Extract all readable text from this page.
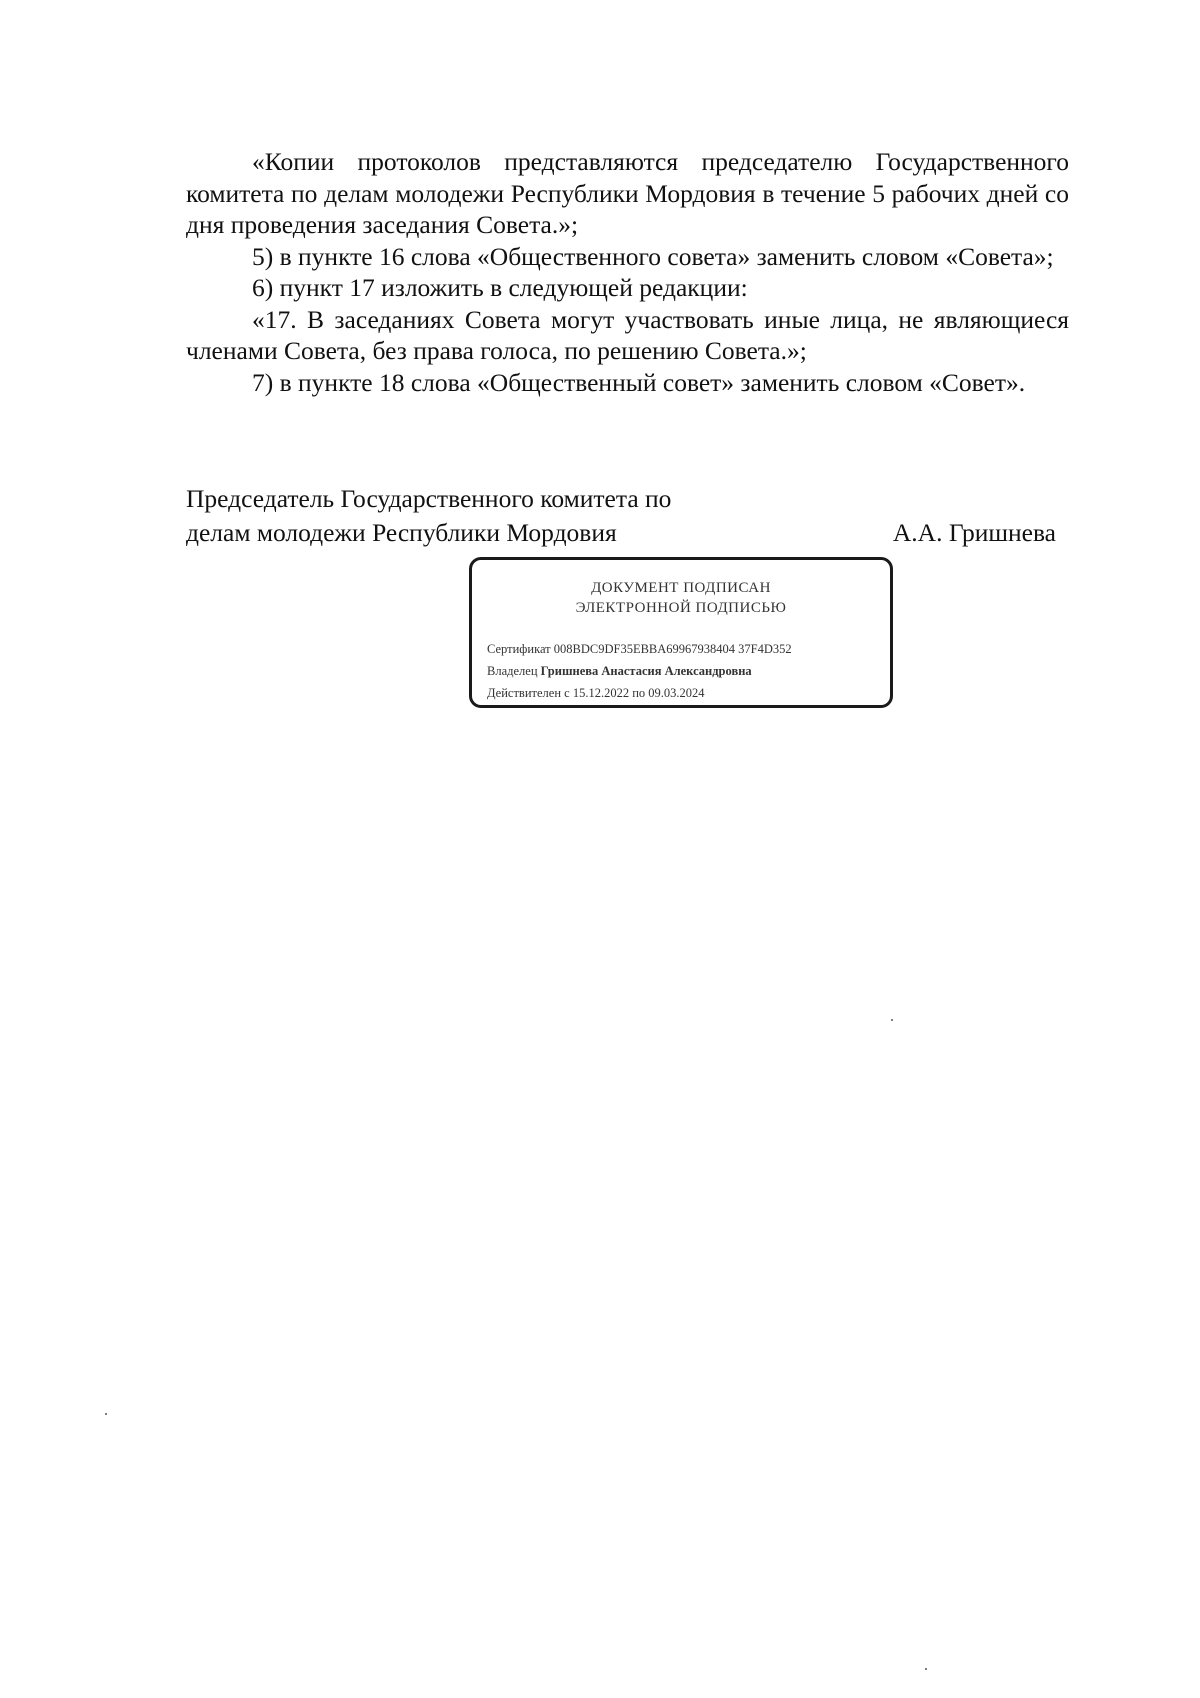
«Копии протоколов представляются председателю Государственного комитета по делам молодежи Республики Мордовия в течение 5 рабочих дней со дня проведения заседания Совета.»;

5) в пункте 16 слова «Общественного совета» заменить словом «Совета»;

6) пункт 17 изложить в следующей редакции:

«17. В заседаниях Совета могут участвовать иные лица, не являющиеся членами Совета, без права голоса, по решению Совета.»;

7) в пункте 18 слова «Общественный совет» заменить словом «Совет».

Председатель Государственного комитета по
делам молодежи Республики Мордовия	А.А. Гришнева
ДОКУМЕНТ ПОДПИСАН
ЭЛЕКТРОННОЙ ПОДПИСЬЮ
Сертификат 008BDC9DF35EBBA69967938404 37F4D352
Владелец Гришнева Анастасия Александровна
Действителен с 15.12.2022 по 09.03.2024
